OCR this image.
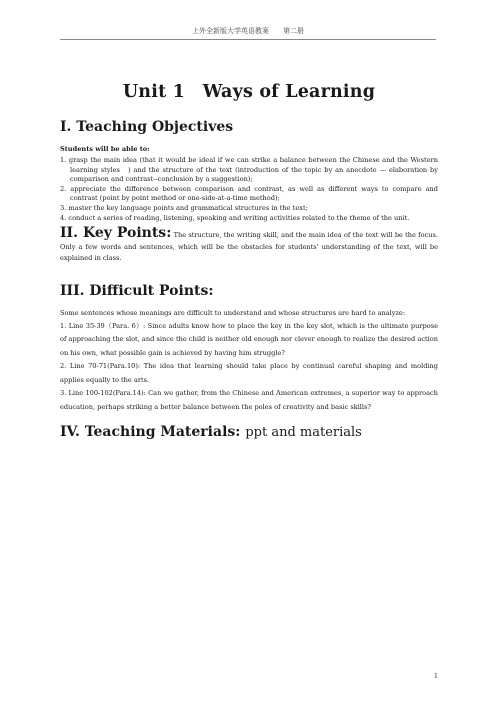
上外全新版大学英语教案　　第二册
Unit 1　Ways of Learning
I. Teaching Objectives

Students will be able to:

1. grasp the main idea (that it would be ideal if we can strike a balance between the Chinese and the Western learning styles　) and the structure of the text (introduction of the topic by an anecdote — elaboration by comparison and contrast--conclusion by a suggestion);
2. appreciate the difference between comparison and contrast, as well as different ways to compare and contrast (point by point method or one-side-at-a-time method);
3. master the key language points and grammatical structures in the text;
4. conduct a series of reading, listening, speaking and writing activities related to the theme of the unit.

II. Key Points: The structure, the writing skill, and the main idea of the text will be the focus. Only a few words and sentences, which will be the obstacles for students' understanding of the text, will be explained in class.

III. Difficult Points:

Some sentences whose meanings are difficult to understand and whose structures are hard to analyze:

1. Line 35-39（Para. 6）: Since adults know how to place the key in the key slot, which is the ultimate purpose of approaching the slot, and since the child is neither old enough nor clever enough to realize the desired action on his own, what possible gain is achieved by having him struggle?

2. Line 70-71(Para.10): The idea that learning should take place by continual careful shaping and molding applies equally to the arts.

3. Line 100-102(Para.14): Can we gather, from the Chinese and American extremes, a superior way to approach education, perhaps striking a better balance between the poles of creativity and basic skills?

IV. Teaching Materials: ppt and materials
1
